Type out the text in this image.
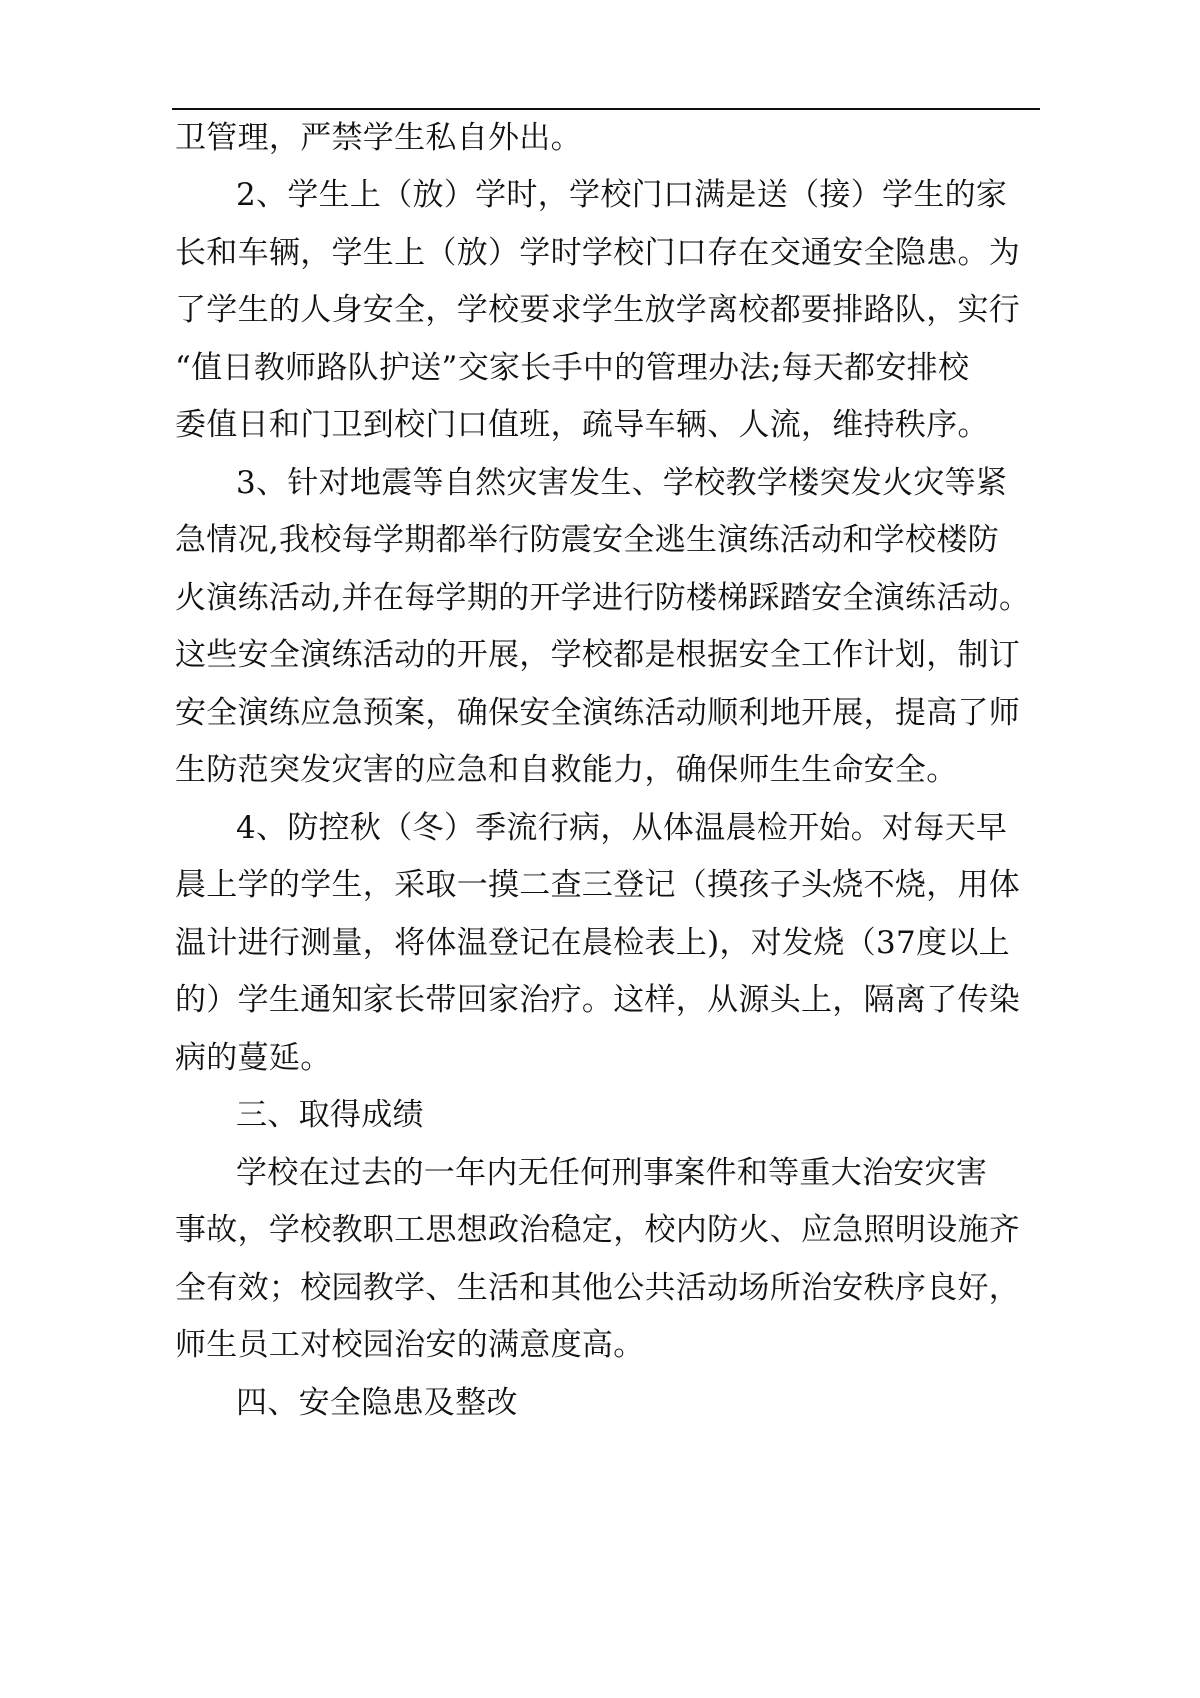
卫管理，严禁学生私自外出。
2、学生上（放）学时，学校门口满是送（接）学生的家
长和车辆，学生上（放）学时学校门口存在交通安全隐患。为
了学生的人身安全，学校要求学生放学离校都要排路队，实行
“值日教师路队护送”交家长手中的管理办法;每天都安排校
委值日和门卫到校门口值班，疏导车辆、人流，维持秩序。
3、针对地震等自然灾害发生、学校教学楼突发火灾等紧
急情况,我校每学期都举行防震安全逃生演练活动和学校楼防
火演练活动,并在每学期的开学进行防楼梯踩踏安全演练活动。
这些安全演练活动的开展，学校都是根据安全工作计划，制订
安全演练应急预案，确保安全演练活动顺利地开展，提高了师
生防范突发灾害的应急和自救能力，确保师生生命安全。
4、防控秋（冬）季流行病，从体温晨检开始。对每天早
晨上学的学生，采取一摸二查三登记（摸孩子头烧不烧，用体
温计进行测量，将体温登记在晨检表上)，对发烧（37度以上
的）学生通知家长带回家治疗。这样，从源头上，隔离了传染
病的蔓延。
三、取得成绩
学校在过去的一年内无任何刑事案件和等重大治安灾害
事故，学校教职工思想政治稳定，校内防火、应急照明设施齐
全有效；校园教学、生活和其他公共活动场所治安秩序良好，
师生员工对校园治安的满意度高。
四、安全隐患及整改
